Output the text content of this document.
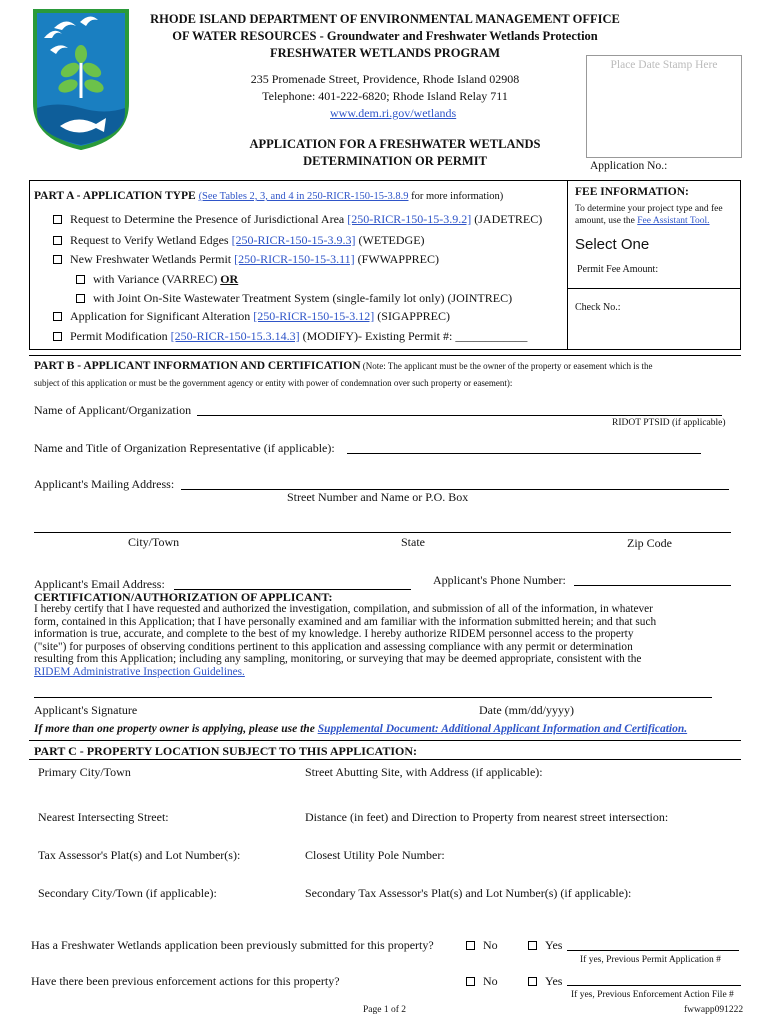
RHODE ISLAND DEPARTMENT OF ENVIRONMENTAL MANAGEMENT OFFICE
OF WATER RESOURCES - Groundwater and Freshwater Wetlands Protection
FRESHWATER WETLANDS PROGRAM
235 Promenade Street, Providence, Rhode Island 02908
Telephone: 401-222-6820; Rhode Island Relay 711
www.dem.ri.gov/wetlands
APPLICATION FOR A FRESHWATER WETLANDS
DETERMINATION OR PERMIT
Place Date Stamp Here
Application No.:
PART A - APPLICATION TYPE (See Tables 2, 3, and 4 in 250-RICR-150-15-3.8.9 for more information)
Request to Determine the Presence of Jurisdictional Area [250-RICR-150-15-3.9.2] (JADETREC)
Request to Verify Wetland Edges [250-RICR-150-15-3.9.3] (WETEDGE)
New Freshwater Wetlands Permit [250-RICR-150-15-3.11] (FWWAPPREC)
with Variance (VARREC) OR
with Joint On-Site Wastewater Treatment System (single-family lot only) (JOINTREC)
Application for Significant Alteration [250-RICR-150-15-3.12] (SIGAPPREC)
Permit Modification [250-RICR-150-15.3.14.3] (MODIFY)- Existing Permit #: ____________
FEE INFORMATION:
To determine your project type and fee
amount, use the Fee Assistant Tool.
Select One
Permit Fee Amount:
Check No.:
PART B - APPLICANT INFORMATION AND CERTIFICATION (Note: The applicant must be the owner of the property or easement which is the
subject of this application or must be the government agency or entity with power of condemnation over such property or easement):
Name of Applicant/Organization
RIDOT PTSID (if applicable)
Name and Title of Organization Representative (if applicable):
Applicant's Mailing Address:
Street Number and Name or P.O. Box
City/Town	State	Zip Code
Applicant's Email Address:	Applicant's Phone Number:
CERTIFICATION/AUTHORIZATION OF APPLICANT:
I hereby certify that I have requested and authorized the investigation, compilation, and submission of all of the information, in whatever
form, contained in this Application; that I have personally examined and am familiar with the information submitted herein; and that such
information is true, accurate, and complete to the best of my knowledge. I hereby authorize RIDEM personnel access to the property
("site") for purposes of observing conditions pertinent to this application and assessing compliance with any permit or determination
resulting from this Application; including any sampling, monitoring, or surveying that may be deemed appropriate, consistent with the
RIDEM Administrative Inspection Guidelines.
Applicant's Signature	Date (mm/dd/yyyy)
If more than one property owner is applying, please use the Supplemental Document: Additional Applicant Information and Certification.
PART C - PROPERTY LOCATION SUBJECT TO THIS APPLICATION:
Primary City/Town	Street Abutting Site, with Address (if applicable):
Nearest Intersecting Street:	Distance (in feet) and Direction to Property from nearest street intersection:
Tax Assessor's Plat(s) and Lot Number(s):	Closest Utility Pole Number:
Secondary City/Town (if applicable):	Secondary Tax Assessor's Plat(s) and Lot Number(s) (if applicable):
Has a Freshwater Wetlands application been previously submitted for this property?	No	Yes
If yes, Previous Permit Application #
Have there been previous enforcement actions for this property?	No	Yes
If yes, Previous Enforcement Action File #
Page 1 of 2	fwwapp091222
